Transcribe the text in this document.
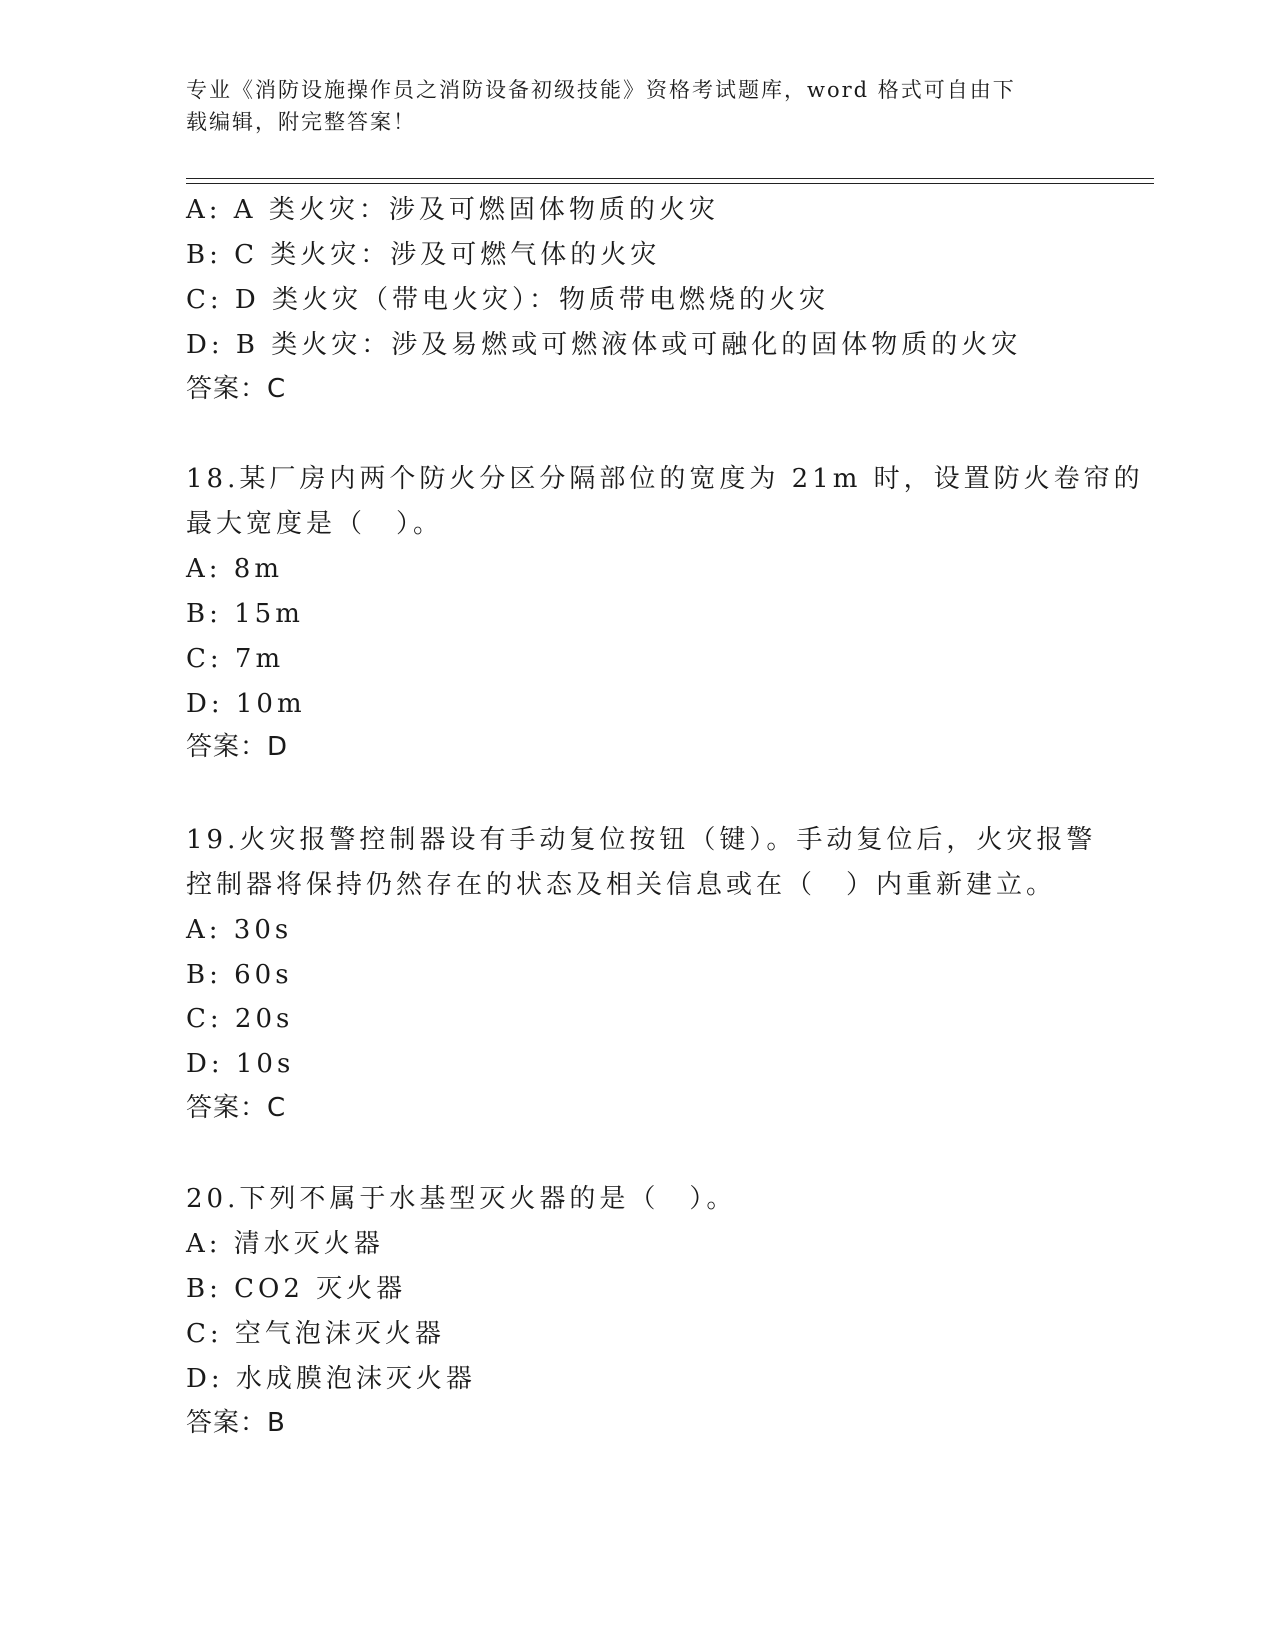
专业《消防设施操作员之消防设备初级技能》资格考试题库，word 格式可自由下
载编辑，附完整答案！
A: A 类火灾：涉及可燃固体物质的火灾
B: C 类火灾：涉及可燃气体的火灾
C: D 类火灾（带电火灾）：物质带电燃烧的火灾
D: B 类火灾：涉及易燃或可燃液体或可融化的固体物质的火灾
答案：C
18.某厂房内两个防火分区分隔部位的宽度为 21m 时，设置防火卷帘的
最大宽度是（　）。
A: 8m
B: 15m
C: 7m
D: 10m
答案：D
19.火灾报警控制器设有手动复位按钮（键）。手动复位后，火灾报警
控制器将保持仍然存在的状态及相关信息或在（　）内重新建立。
A: 30s
B: 60s
C: 20s
D: 10s
答案：C
20.下列不属于水基型灭火器的是（　）。
A: 清水灭火器
B: CO2 灭火器
C: 空气泡沫灭火器
D: 水成膜泡沫灭火器
答案：B
